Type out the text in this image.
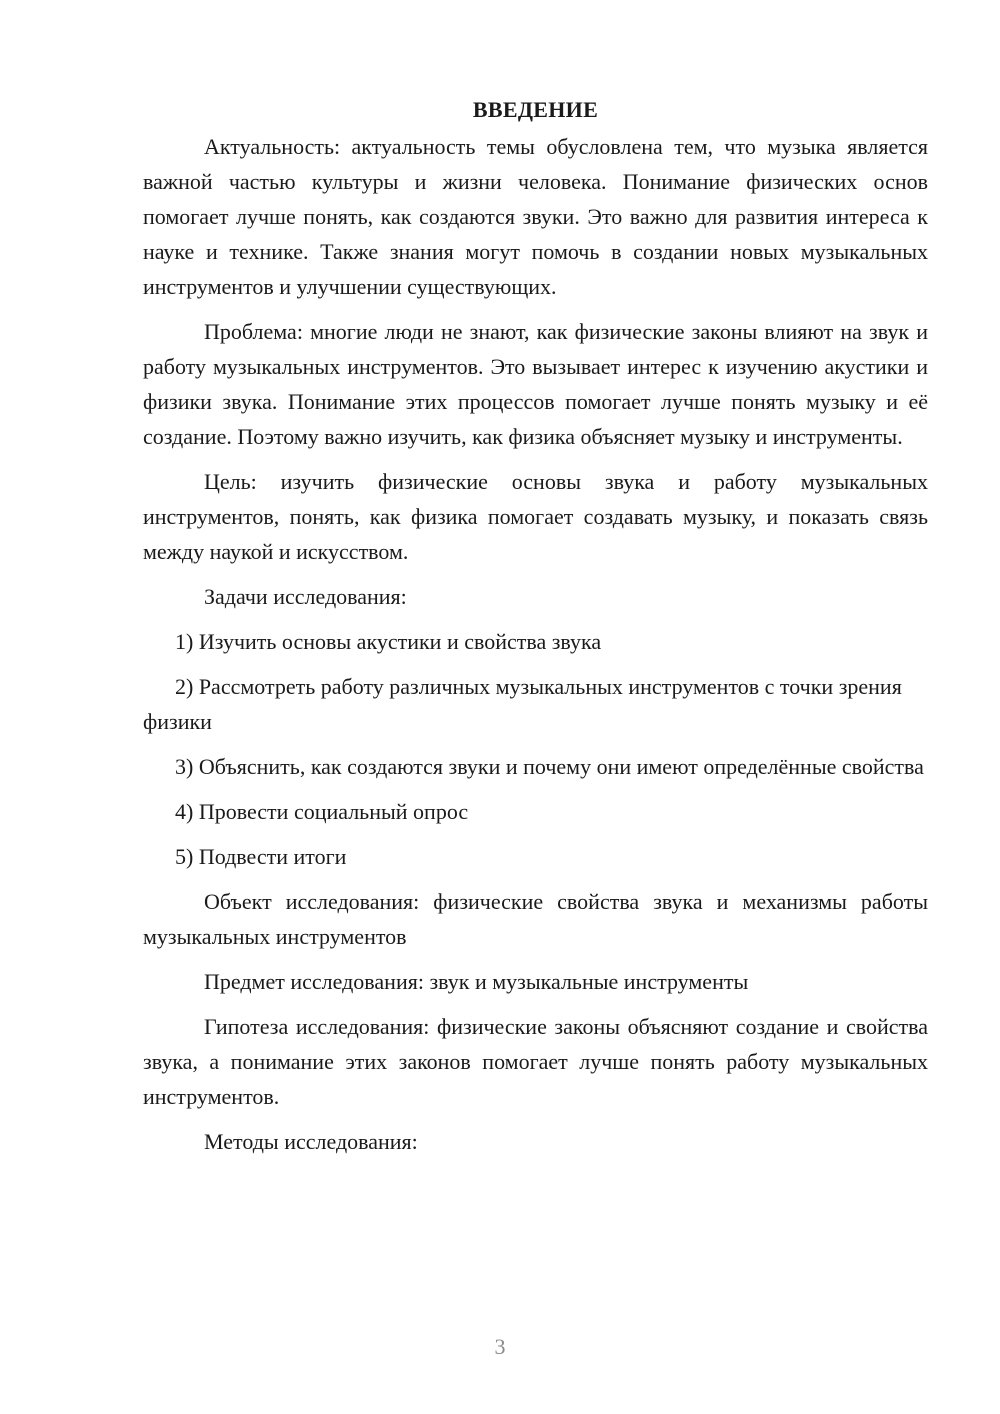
ВВЕДЕНИЕ

Актуальность: актуальность темы обусловлена тем, что музыка является важной частью культуры и жизни человека. Понимание физических основ помогает лучше понять, как создаются звуки. Это важно для развития интереса к науке и технике. Также знания могут помочь в создании новых музыкальных инструментов и улучшении существующих.

Проблема: многие люди не знают, как физические законы влияют на звук и работу музыкальных инструментов. Это вызывает интерес к изучению акустики и физики звука. Понимание этих процессов помогает лучше понять музыку и её создание. Поэтому важно изучить, как физика объясняет музыку и инструменты.

Цель: изучить физические основы звука и работу музыкальных инструментов, понять, как физика помогает создавать музыку, и показать связь между наукой и искусством.

Задачи исследования:

1) Изучить основы акустики и свойства звука

2) Рассмотреть работу различных музыкальных инструментов с точки зрения физики

3) Объяснить, как создаются звуки и почему они имеют определённые свойства

4) Провести социальный опрос

5) Подвести итоги

Объект исследования: физические свойства звука и механизмы работы музыкальных инструментов

Предмет исследования: звук и музыкальные инструменты

Гипотеза исследования: физические законы объясняют создание и свойства звука, а понимание этих законов помогает лучше понять работу музыкальных инструментов.

Методы исследования:

3
